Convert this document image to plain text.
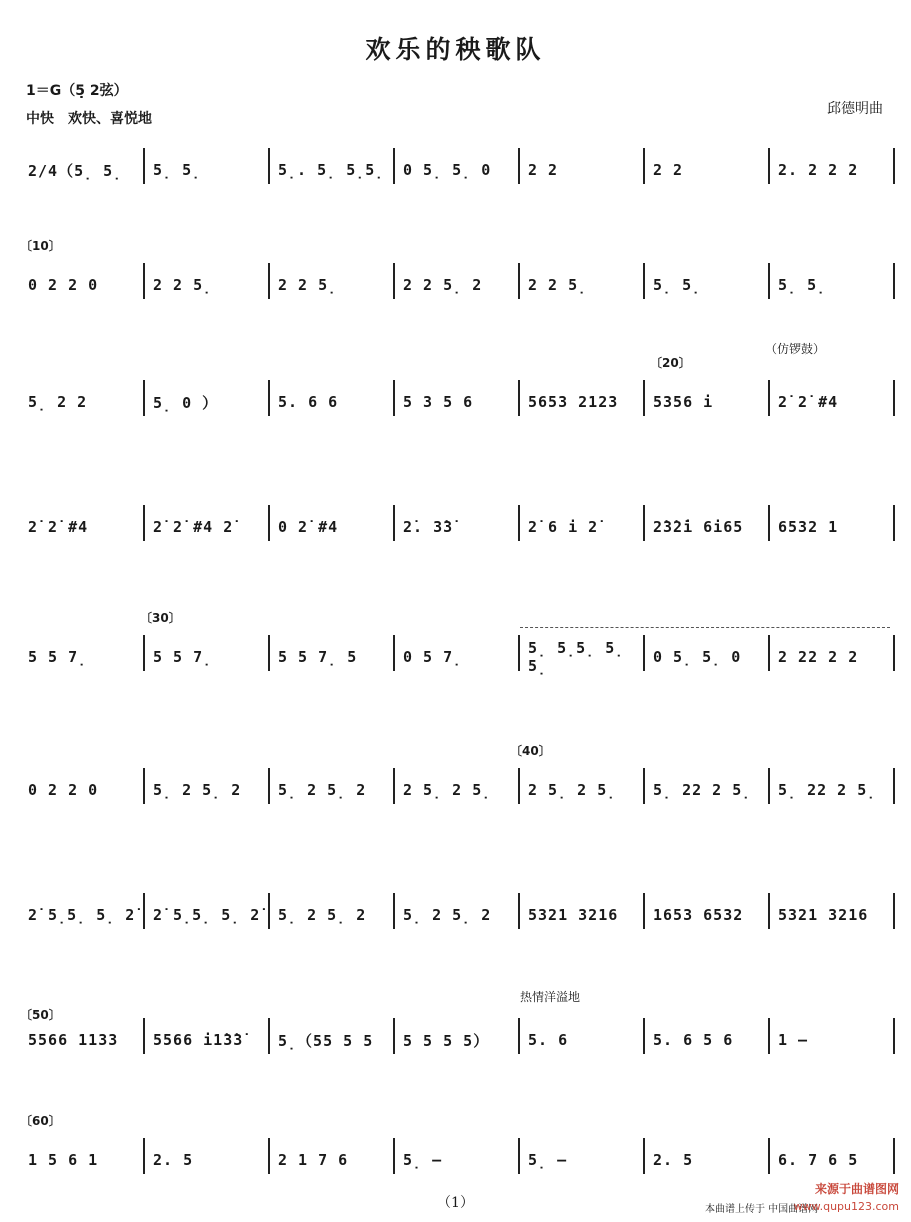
欢乐的秧歌队
1＝G（5̣ 2弦）
中快　欢快、喜悦地
邱德明曲
2/4（5̣ 5̣	5̣ 5̣	5̣. 5̣ 5̣5̣	0 5̣ 5̣ 0	2 2	2 2	2. 2 2 2
〔10〕
0 2 2 0	2 2 5̣	2 2 5̣	2 2 5̣ 2	2 2 5̣	5̣ 5̣	5̣ 5̣
〔20〕
（仿锣鼓）
5̣ 2 2	5̣ 0 ）	5. 6 6	5 3 5 6	5653 2123	5356 i	2̇ 2̇ #4
2̇ 2̇ #4	2̇ 2̇ #4 2̇	0 2̇ #4	2̇. 3̇3̇	2̇ 6 i 2̇	2̇3̇2̇i 6i65	6532 1
〔30〕
5 5 7̣	5 5 7̣	5 5 7̣ 5	0 5 7̣	5̣ 5̣5̣ 5̣ 5̣	0 5̣ 5̣ 0	2 22 2 2
〔40〕
0 2 2 0	5̣ 2 5̣ 2	5̣ 2 5̣ 2	2 5̣ 2 5̣	2 5̣ 2 5̣	5̣ 22 2 5̣	5̣ 22 2 5̣
2̇ 5̣5̣ 5̣ 2̇	2̇ 5̣5̣ 5̣ 2̇	5̣ 2 5̣ 2	5̣ 2 5̣ 2	5321 3216	1653 6532	5321 3216
〔50〕
热情洋溢地
5566 1133	5566 i1̇3̇3̇	5̣（55 5 5	5 5 5 5）	5. 6	5. 6 5 6	1 –
〔60〕
1 5 6 1	2. 5	2 1 7 6	5̣ –	5̣ –	2. 5	6. 7 6 5
（1）	本曲谱上传于 中国曲谱网
来源于曲谱图网
www.qupu123.com
